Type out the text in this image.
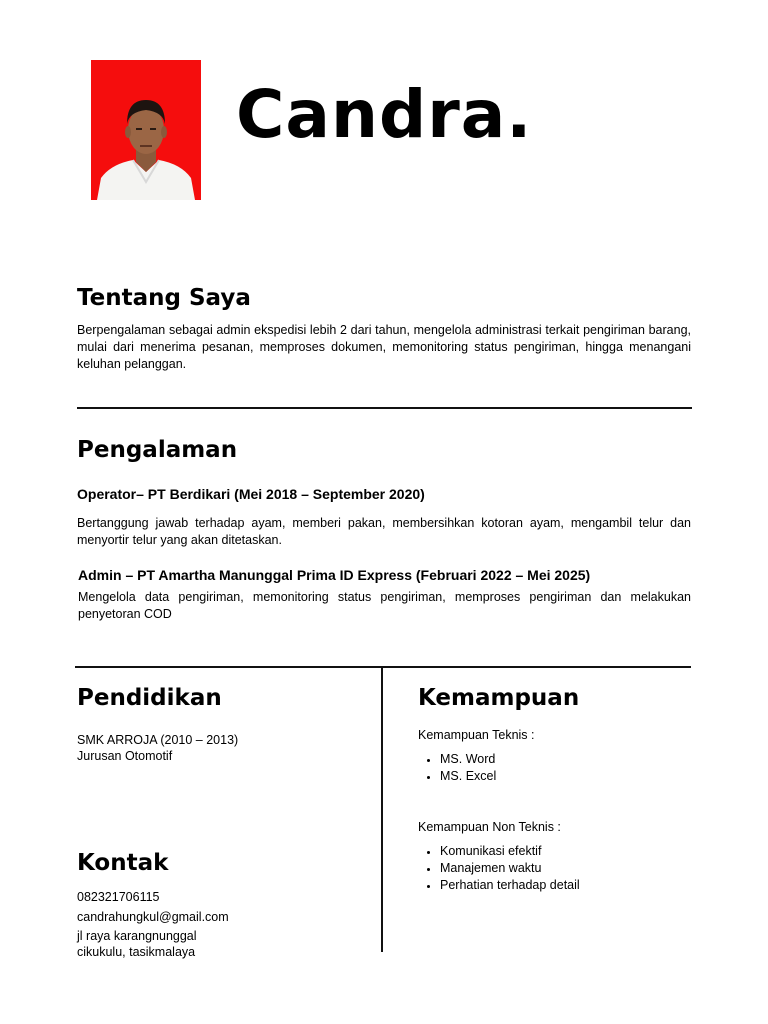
Candra.
Tentang Saya
Berpengalaman sebagai admin ekspedisi lebih 2 dari tahun, mengelola administrasi terkait pengiriman barang, mulai dari menerima pesanan, memproses dokumen, memonitoring status pengiriman, hingga menangani keluhan pelanggan.
Pengalaman
Operator– PT Berdikari (Mei 2018 – September 2020)
Bertanggung jawab terhadap ayam, memberi pakan, membersihkan kotoran ayam, mengambil telur dan menyortir telur yang akan ditetaskan.
Admin – PT Amartha Manunggal Prima ID Express (Februari 2022 – Mei 2025)
Mengelola data pengiriman, memonitoring status pengiriman, memproses pengiriman dan melakukan penyetoran COD
Pendidikan
SMK ARROJA (2010 – 2013)
Jurusan Otomotif
Kontak
082321706115
candrahungkul@gmail.com
jl raya karangnunggal
cikukulu, tasikmalaya
Kemampuan
Kemampuan Teknis :
MS. Word
MS. Excel
Kemampuan Non Teknis :
Komunikasi efektif
Manajemen waktu
Perhatian terhadap detail
